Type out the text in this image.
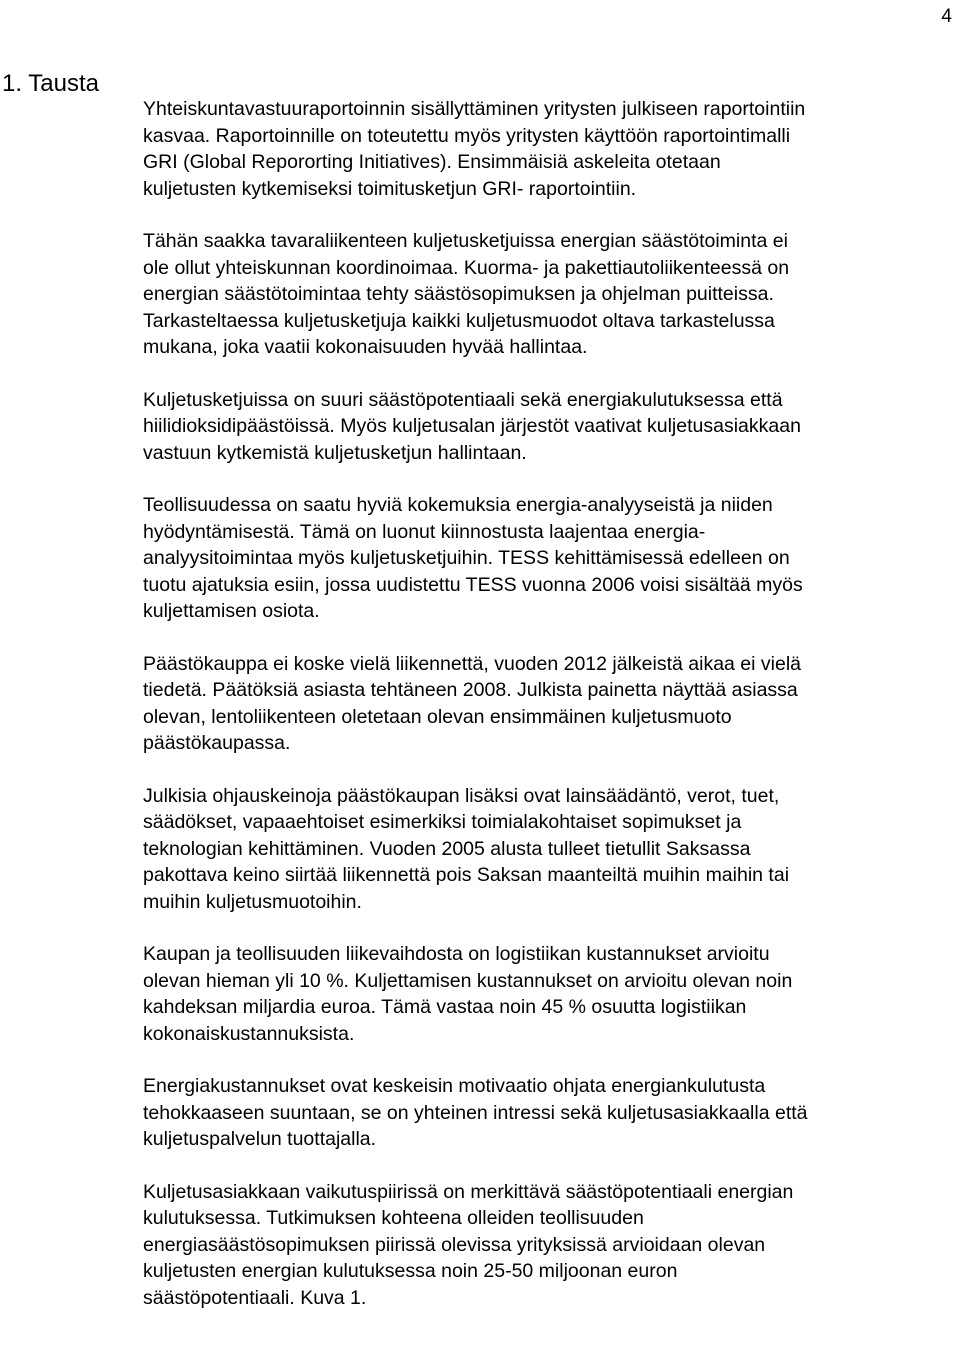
4
1. Tausta

Yhteiskuntavastuuraportoinnin sisällyttäminen yritysten julkiseen raportointiin
kasvaa. Raportoinnille on toteutettu myös yritysten käyttöön raportointimalli
GRI (Global Repororting Initiatives). Ensimmäisiä askeleita otetaan
kuljetusten kytkemiseksi toimitusketjun GRI- raportointiin.

Tähän saakka tavaraliikenteen kuljetusketjuissa energian säästötoiminta ei
ole ollut yhteiskunnan koordinoimaa. Kuorma- ja pakettiautoliikenteessä on
energian säästötoimintaa tehty säästösopimuksen ja ohjelman puitteissa.
Tarkasteltaessa kuljetusketjuja kaikki kuljetusmuodot oltava tarkastelussa
mukana, joka vaatii kokonaisuuden hyvää hallintaa.

Kuljetusketjuissa on suuri säästöpotentiaali sekä energiakulutuksessa että
hiilidioksidipäästöissä. Myös kuljetusalan järjestöt vaativat kuljetusasiakkaan
vastuun kytkemistä kuljetusketjun hallintaan.

Teollisuudessa on saatu hyviä kokemuksia energia-analyyseistä ja niiden
hyödyntämisestä. Tämä on luonut kiinnostusta laajentaa energia-
analyysitoimintaa myös kuljetusketjuihin. TESS kehittämisessä edelleen on
tuotu ajatuksia esiin, jossa uudistettu TESS vuonna 2006 voisi sisältää myös
kuljettamisen osiota.

Päästökauppa ei koske vielä liikennettä, vuoden 2012 jälkeistä aikaa ei vielä
tiedetä. Päätöksiä asiasta tehtäneen 2008. Julkista painetta näyttää asiassa
olevan, lentoliikenteen oletetaan olevan ensimmäinen kuljetusmuoto
päästökaupassa.

Julkisia ohjauskeinoja päästökaupan lisäksi ovat lainsäädäntö, verot, tuet,
säädökset, vapaaehtoiset esimerkiksi toimialakohtaiset sopimukset ja
teknologian kehittäminen. Vuoden 2005 alusta tulleet tietullit Saksassa
pakottava keino siirtää liikennettä pois Saksan maanteiltä muihin maihin tai
muihin kuljetusmuotoihin.

Kaupan ja teollisuuden liikevaihdosta on logistiikan kustannukset arvioitu
olevan hieman yli 10 %. Kuljettamisen kustannukset on arvioitu olevan noin
kahdeksan miljardia euroa. Tämä vastaa noin 45 % osuutta logistiikan
kokonaiskustannuksista.

Energiakustannukset ovat keskeisin motivaatio ohjata energiankulutusta
tehokkaaseen suuntaan, se on yhteinen intressi sekä kuljetusasiakkaalla että
kuljetuspalvelun tuottajalla.

Kuljetusasiakkaan vaikutuspiirissä on merkittävä säästöpotentiaali energian
kulutuksessa. Tutkimuksen kohteena olleiden teollisuuden
energiasäästösopimuksen piirissä olevissa yrityksissä arvioidaan olevan
kuljetusten energian kulutuksessa noin 25-50 miljoonan euron
säästöpotentiaali. Kuva 1.
